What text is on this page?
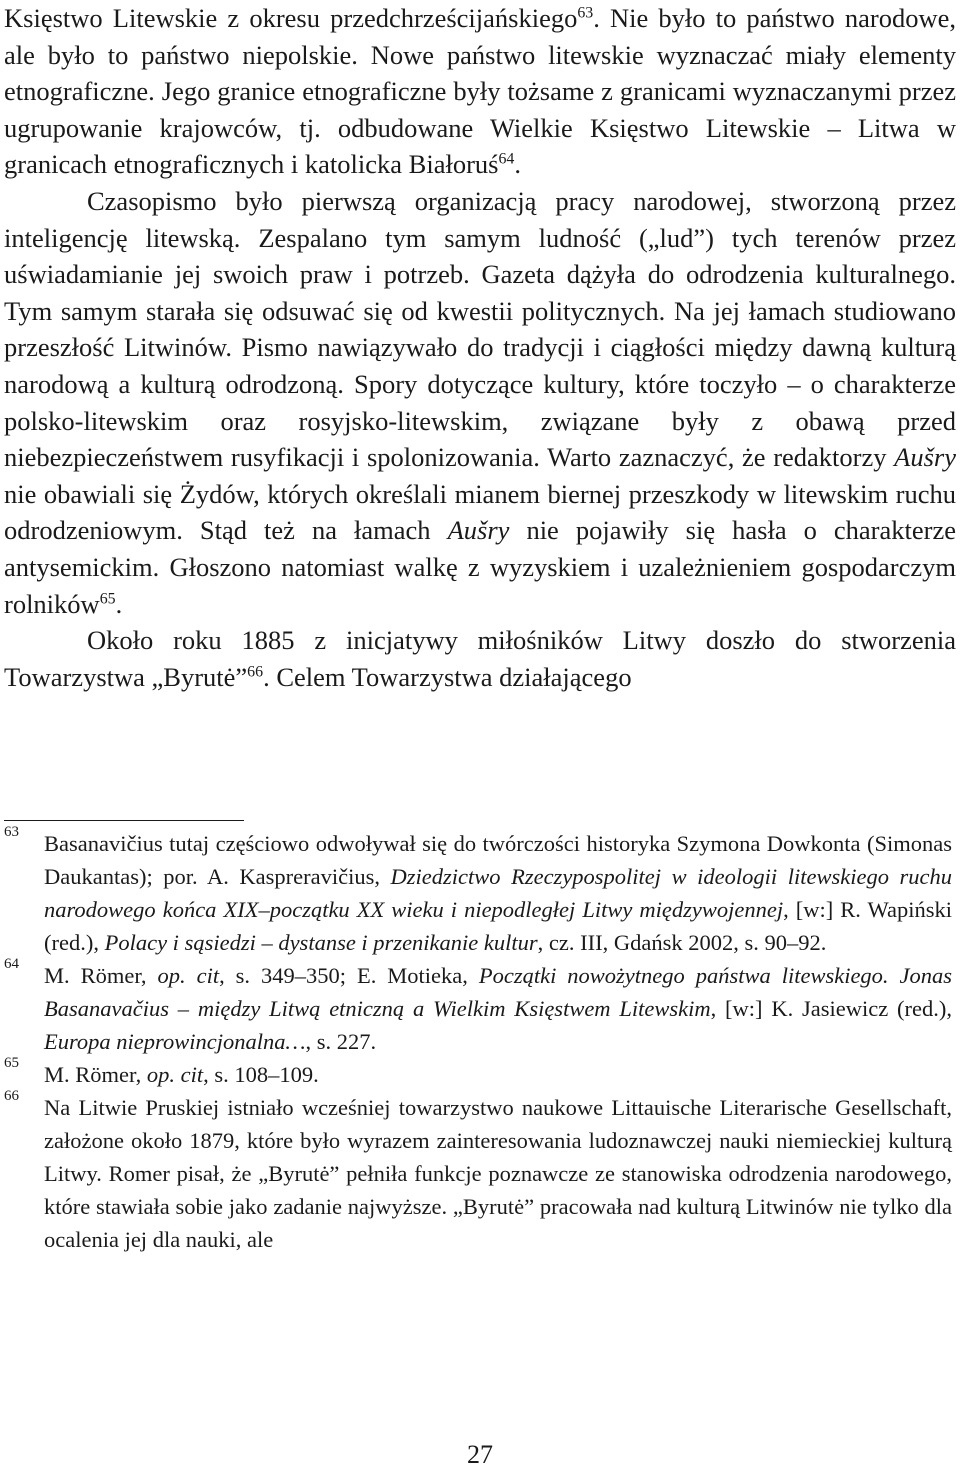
Księstwo Litewskie z okresu przedchrześcijańskiego$^{63}$. Nie było to państwo narodowe, ale było to państwo niepolskie. Nowe państwo litewskie wyznaczać miały elementy etnograficzne. Jego granice etnograficzne były tożsame z granicami wyznaczanymi przez ugrupowanie krajowców, tj. odbudowane Wielkie Księstwo Litewskie – Litwa w granicach etnograficznych i katolicka Białoruś$^{64}$.

Czasopismo było pierwszą organizacją pracy narodowej, stworzoną przez inteligencję litewską. Zespalano tym samym ludność („lud”) tych terenów przez uświadamianie jej swoich praw i potrzeb. Gazeta dążyła do odrodzenia kulturalnego. Tym samym starała się odsuwać się od kwestii politycznych. Na jej łamach studiowano przeszłość Litwinów. Pismo nawiązywało do tradycji i ciągłości między dawną kulturą narodową a kulturą odrodzoną. Spory dotyczące kultury, które toczyło – o charakterze polsko-litewskim oraz rosyjsko-litewskim, związane były z obawą przed niebezpieczeństwem rusyfikacji i spolonizowania. Warto zaznaczyć, że redaktorzy Aušry nie obawiali się Żydów, których określali mianem biernej przeszkody w litewskim ruchu odrodzeniowym. Stąd też na łamach Aušry nie pojawiły się hasła o charakterze antysemickim. Głoszono natomiast walkę z wyzyskiem i uzależnieniem gospodarczym rolników$^{65}$.

Około roku 1885 z inicjatywy miłośników Litwy doszło do stworzenia Towarzystwa „Byrutė”$^{66}$. Celem Towarzystwa działającego

63 Basanavičius tutaj częściowo odwoływał się do twórczości historyka Szymona Dowkonta (Simonas Daukantas); por. A. Kaspreravičius, Dziedzictwo Rzeczypospolitej w ideologii litewskiego ruchu narodowego końca XIX–początku XX wieku i niepodległej Litwy międzywojennej, [w:] R. Wapiński (red.), Polacy i sąsiedzi – dystanse i przenikanie kultur, cz. III, Gdańsk 2002, s. 90–92.
64 M. Römer, op. cit, s. 349–350; E. Motieka, Początki nowożytnego państwa litewskiego. Jonas Basanavačius – między Litwą etniczną a Wielkim Księstwem Litewskim, [w:] K. Jasiewicz (red.), Europa nieprowincjonalna…, s. 227.
65 M. Römer, op. cit, s. 108–109.
66 Na Litwie Pruskiej istniało wcześniej towarzystwo naukowe Littauische Literarische Gesellschaft, założone około 1879, które było wyrazem zainteresowania ludoznawczej nauki niemieckiej kulturą Litwy. Romer pisał, że „Byrutė” pełniła funkcje poznawcze ze stanowiska odrodzenia narodowego, które stawiała sobie jako zadanie najwyższe. „Byrutė” pracowała nad kulturą Litwinów nie tylko dla ocalenia jej dla nauki, ale
27
